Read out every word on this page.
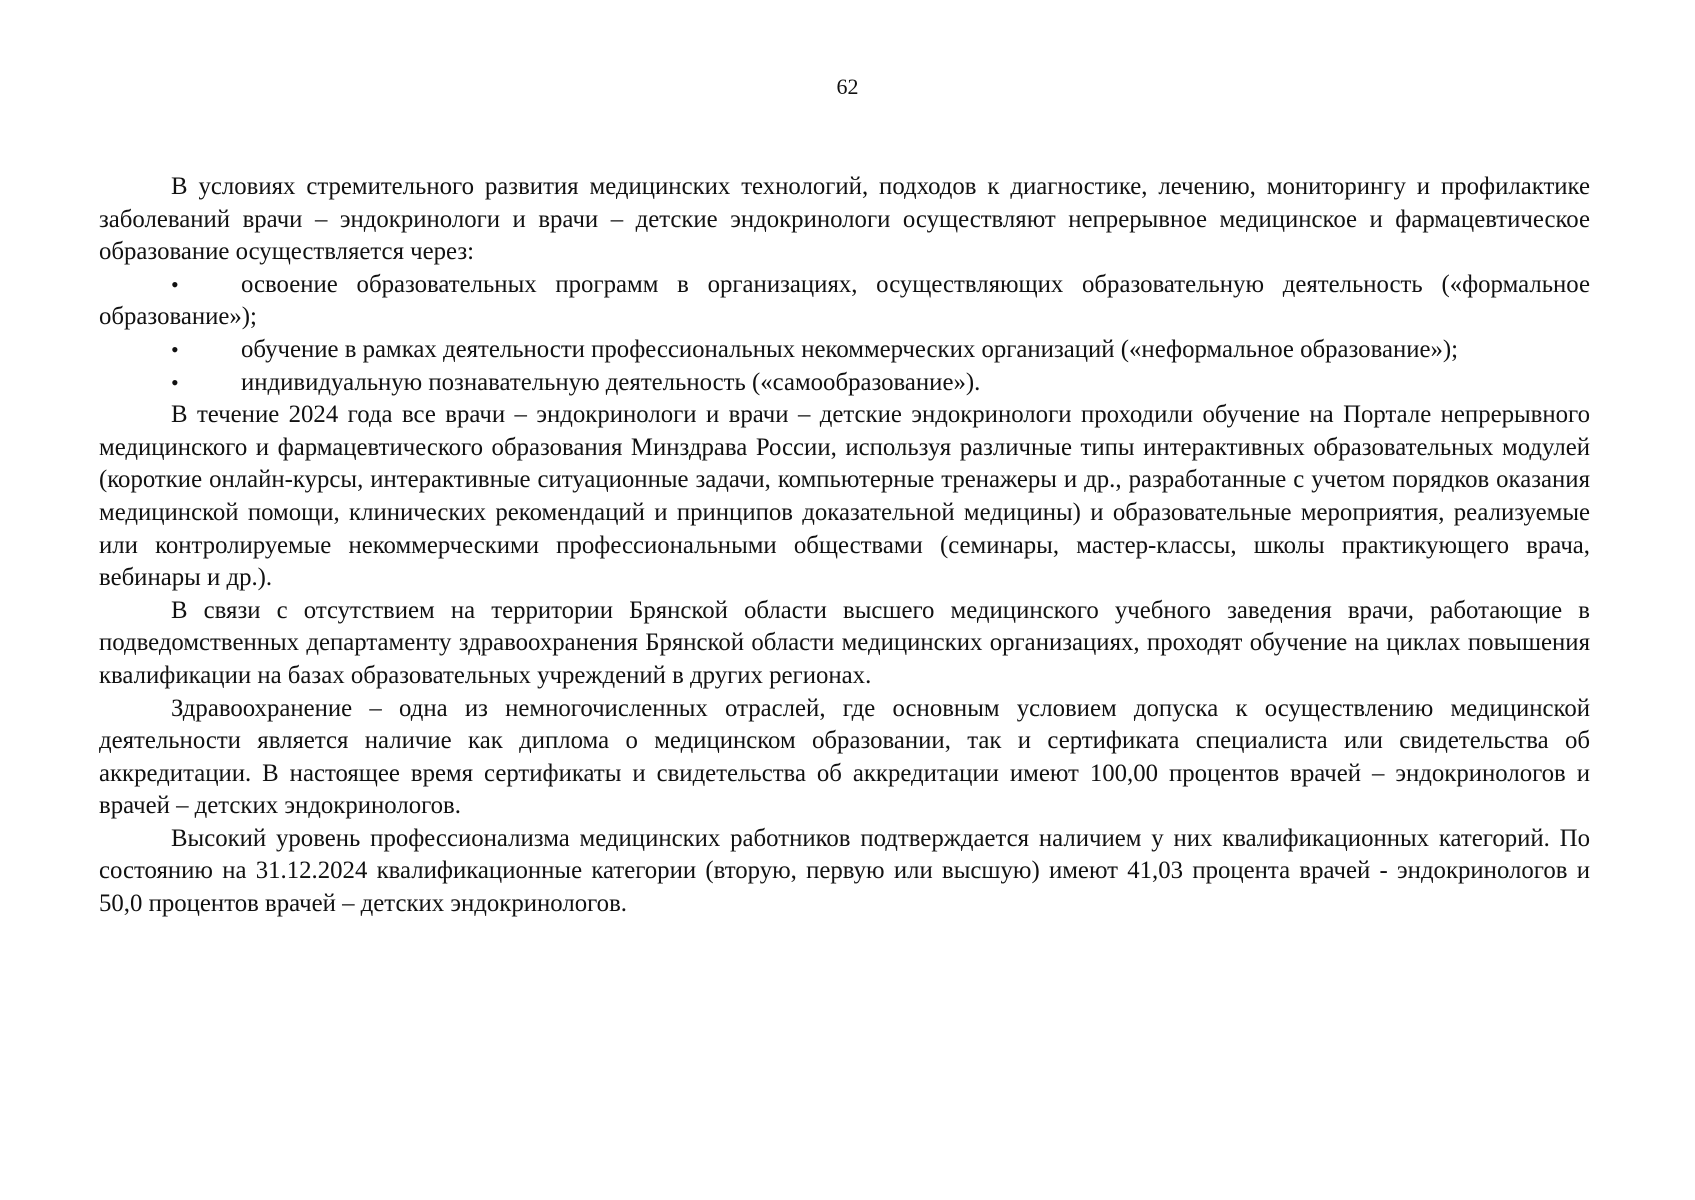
62

В условиях стремительного развития медицинских технологий, подходов к диагностике, лечению, мониторингу и профилактике заболеваний врачи – эндокринологи и врачи – детские эндокринологи осуществляют непрерывное медицинское и фармацевтическое образование осуществляется через:

•	освоение образовательных программ в организациях, осуществляющих образовательную деятельность («формальное образование»);

•	обучение в рамках деятельности профессиональных некоммерческих организаций («неформальное образование»);

•	индивидуальную познавательную деятельность («самообразование»).

В течение 2024 года все врачи – эндокринологи и врачи – детские эндокринологи проходили обучение на Портале непрерывного медицинского и фармацевтического образования Минздрава России, используя различные типы интерактивных образовательных модулей (короткие онлайн-курсы, интерактивные ситуационные задачи, компьютерные тренажеры и др., разработанные с учетом порядков оказания медицинской помощи, клинических рекомендаций и принципов доказательной медицины) и образовательные мероприятия, реализуемые или контролируемые некоммерческими профессиональными обществами (семинары, мастер-классы, школы практикующего врача, вебинары и др.).

В связи с отсутствием на территории Брянской области высшего медицинского учебного заведения врачи, работающие в подведомственных департаменту здравоохранения Брянской области медицинских организациях, проходят обучение на циклах повышения квалификации на базах образовательных учреждений в других регионах.

Здравоохранение – одна из немногочисленных отраслей, где основным условием допуска к осуществлению медицинской деятельности является наличие как диплома о медицинском образовании, так и сертификата специалиста или свидетельства об аккредитации. В настоящее время сертификаты и свидетельства об аккредитации имеют 100,00 процентов врачей – эндокринологов и врачей – детских эндокринологов.

Высокий уровень профессионализма медицинских работников подтверждается наличием у них квалификационных категорий. По состоянию на 31.12.2024 квалификационные категории (вторую, первую или высшую) имеют 41,03 процента врачей - эндокринологов и 50,0 процентов врачей – детских эндокринологов.
